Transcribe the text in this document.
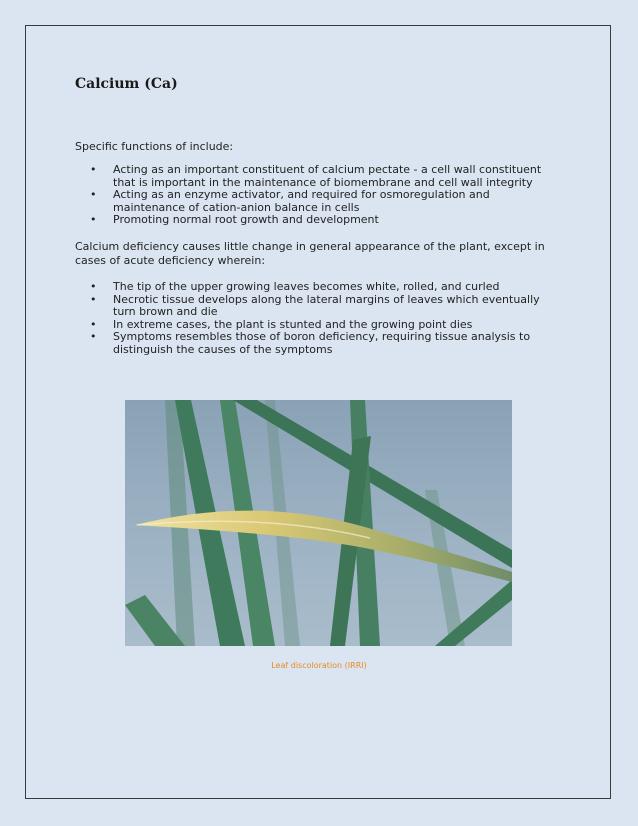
Calcium (Ca)

Specific functions of include:

• Acting as an important constituent of calcium pectate - a cell wall constituent that is important in the maintenance of biomembrane and cell wall integrity
• Acting as an enzyme activator, and required for osmoregulation and maintenance of cation-anion balance in cells
• Promoting normal root growth and development

Calcium deficiency causes little change in general appearance of the plant, except in cases of acute deficiency wherein:

• The tip of the upper growing leaves becomes white, rolled, and curled
• Necrotic tissue develops along the lateral margins of leaves which eventually turn brown and die
• In extreme cases, the plant is stunted and the growing point dies
• Symptoms resembles those of boron deficiency, requiring tissue analysis to distinguish the causes of the symptoms
Leaf discoloration (IRRI)
